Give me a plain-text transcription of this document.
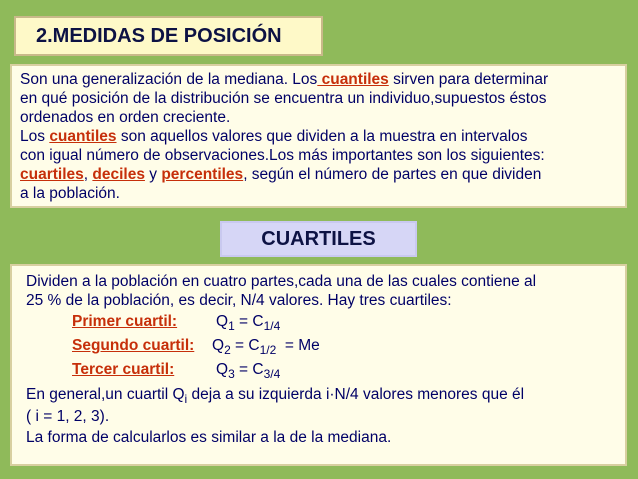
2.MEDIDAS DE POSICIÓN
Son una generalización de la mediana. Los cuantiles sirven para determinar
en qué posición de la distribución se encuentra un individuo,supuestos éstos
ordenados en orden creciente.
Los cuantiles son aquellos valores que dividen a la muestra en intervalos
con igual número de observaciones.Los más importantes son los siguientes:
cuartiles, deciles y percentiles, según el número de partes en que dividen
a la población.
CUARTILES
Dividen a la población en cuatro partes,cada una de las cuales contiene al
25 % de la población, es decir, N/4 valores. Hay tres cuartiles:
Primer cuartil:	$Q_1 = C_{1/4}$
Segundo cuartil:	$Q_2 = C_{1/2} = Me$
Tercer cuartil:	$Q_3 = C_{3/4}$
En general,un cuartil $Q_i$ deja a su izquierda i·N/4 valores menores que él
( i = 1, 2, 3).
La forma de calcularlos es similar a la de la mediana.
